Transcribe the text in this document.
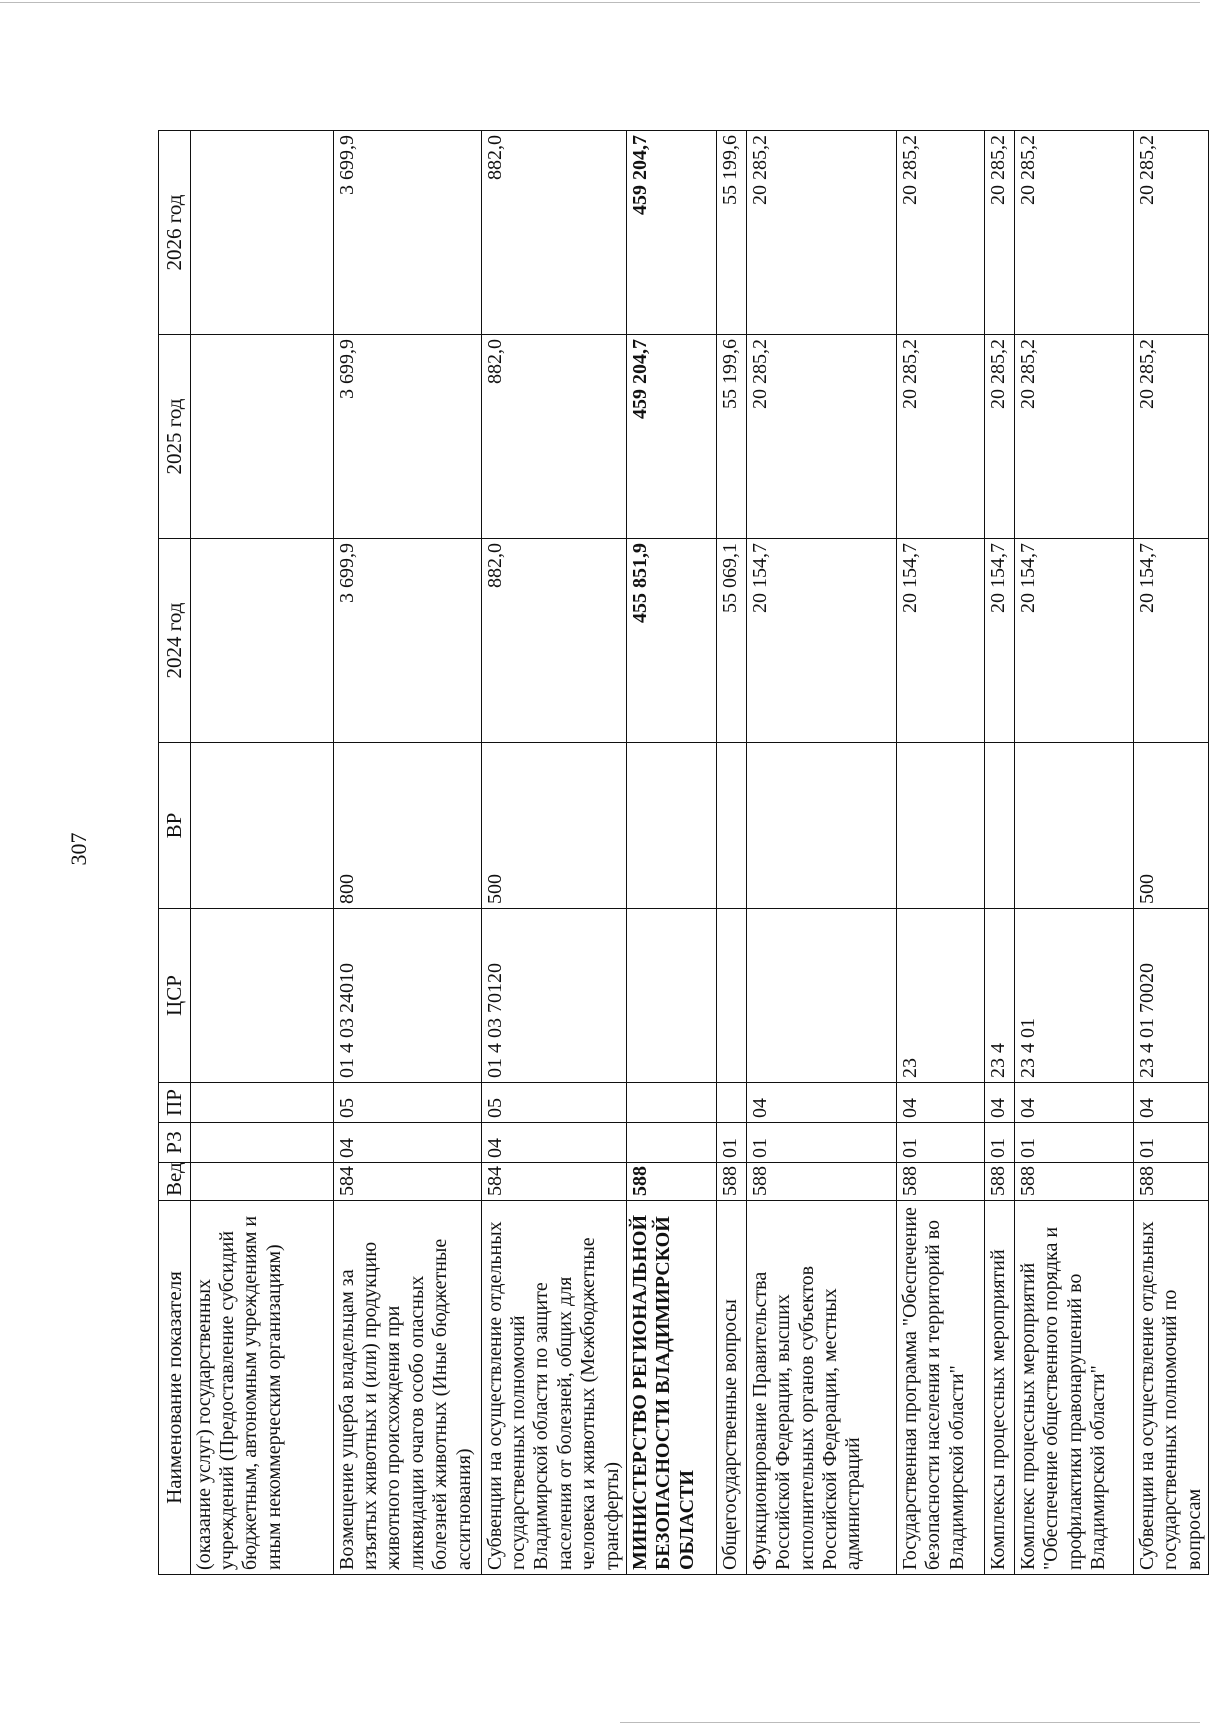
307
Наименование показателя	Вед	РЗ	ПР	ЦСР	ВР	2024 год	2025 год	2026 год
(оказание услуг) государственных учреждений (Предоставление субсидий бюджетным, автономным учреждениям и иным некоммерческим организациям)								
Возмещение ущерба владельцам за изъятых животных и (или) продукцию животного происхождения при ликвидации очагов особо опасных болезней животных (Иные бюджетные ассигнования)	584	04	05	01 4 03 24010	800	3 699,9	3 699,9	3 699,9
Субвенции на осуществление отдельных государственных полномочий Владимирской области по защите населения от болезней, общих для человека и животных (Межбюджетные трансферты)	584	04	05	01 4 03 70120	500	882,0	882,0	882,0
МИНИСТЕРСТВО РЕГИОНАЛЬНОЙ БЕЗОПАСНОСТИ ВЛАДИМИРСКОЙ ОБЛАСТИ	588					455 851,9	459 204,7	459 204,7
Общегосударственные вопросы	588	01				55 069,1	55 199,6	55 199,6
Функционирование Правительства Российской Федерации, высших исполнительных органов субъектов Российской Федерации, местных администраций	588	01	04			20 154,7	20 285,2	20 285,2
Государственная программа "Обеспечение безопасности населения и территорий во Владимирской области"	588	01	04	23		20 154,7	20 285,2	20 285,2
Комплексы процессных мероприятий	588	01	04	23 4		20 154,7	20 285,2	20 285,2
Комплекс процессных мероприятий "Обеспечение общественного порядка и профилактики правонарушений во Владимирской области"	588	01	04	23 4 01		20 154,7	20 285,2	20 285,2
Субвенции на осуществление отдельных государственных полномочий по вопросам	588	01	04	23 4 01 70020	500	20 154,7	20 285,2	20 285,2
